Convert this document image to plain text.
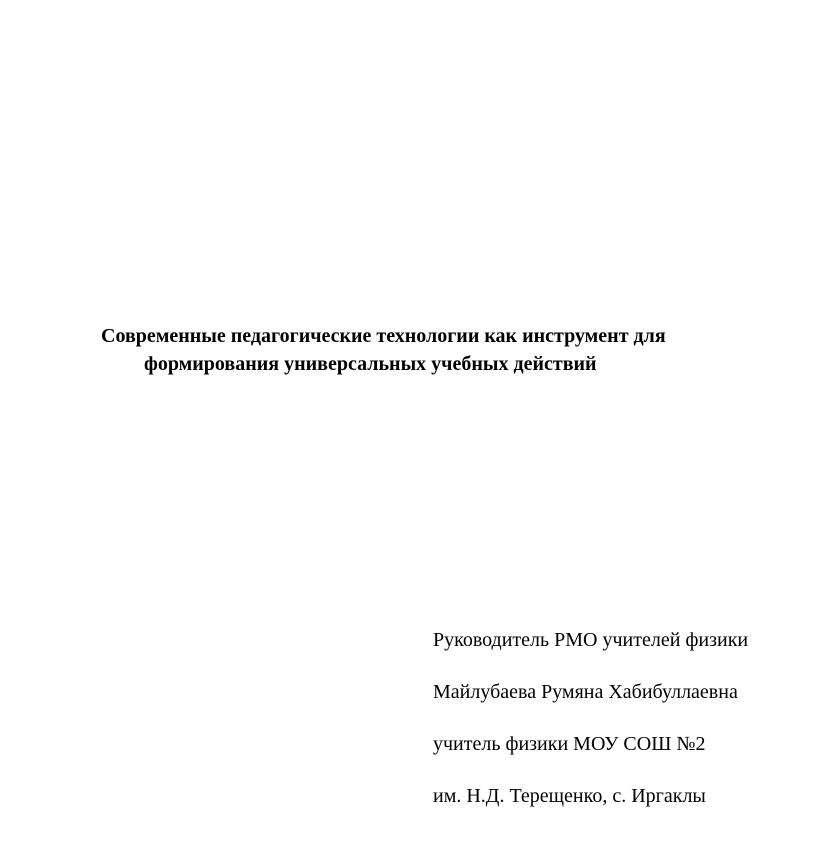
Современные педагогические технологии как инструмент для
формирования универсальных учебных действий
Руководитель РМО учителей физики
Майлубаева Румяна Хабибуллаевна
учитель физики МОУ СОШ №2
им. Н.Д. Терещенко, с. Иргаклы
